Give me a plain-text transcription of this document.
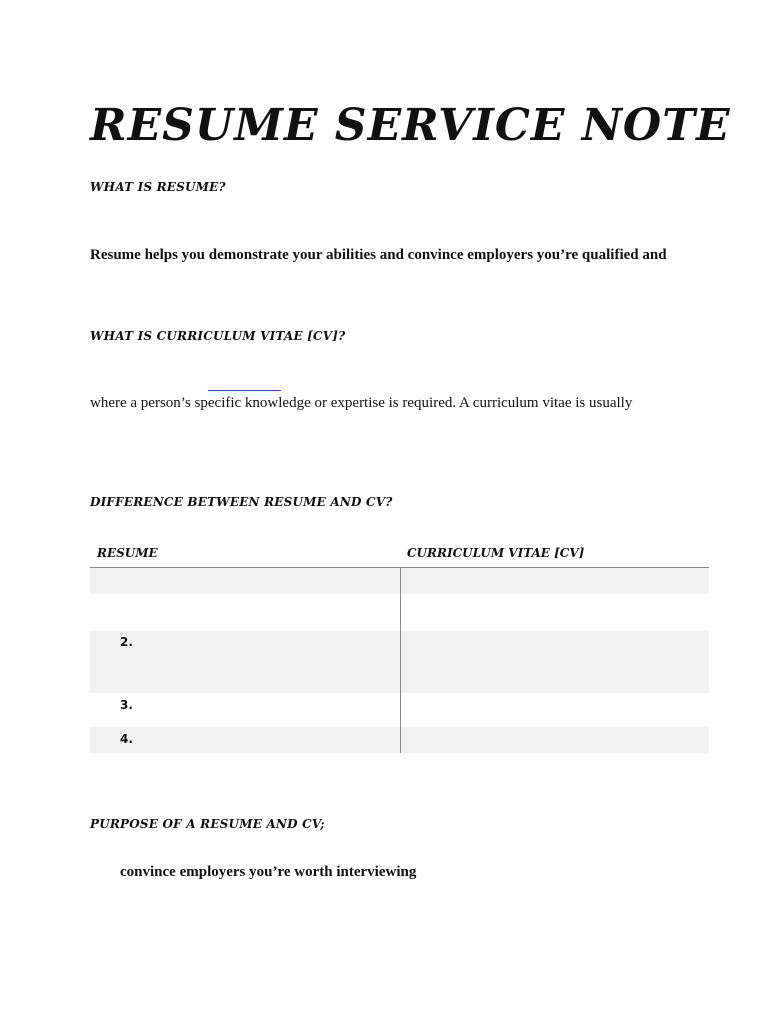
RESUME SERVICE NOTE
WHAT IS RESUME?
Resume helps you demonstrate your abilities and convince employers you’re qualified and
WHAT IS CURRICULUM VITAE [CV]?
where a person’s specific knowledge or expertise is required. A curriculum vitae is usually
DIFFERENCE BETWEEN RESUME AND CV?
RESUME	CURRICULUM VITAE [CV]
2.
3.
4.
PURPOSE OF A RESUME AND CV;
convince employers you’re worth interviewing
